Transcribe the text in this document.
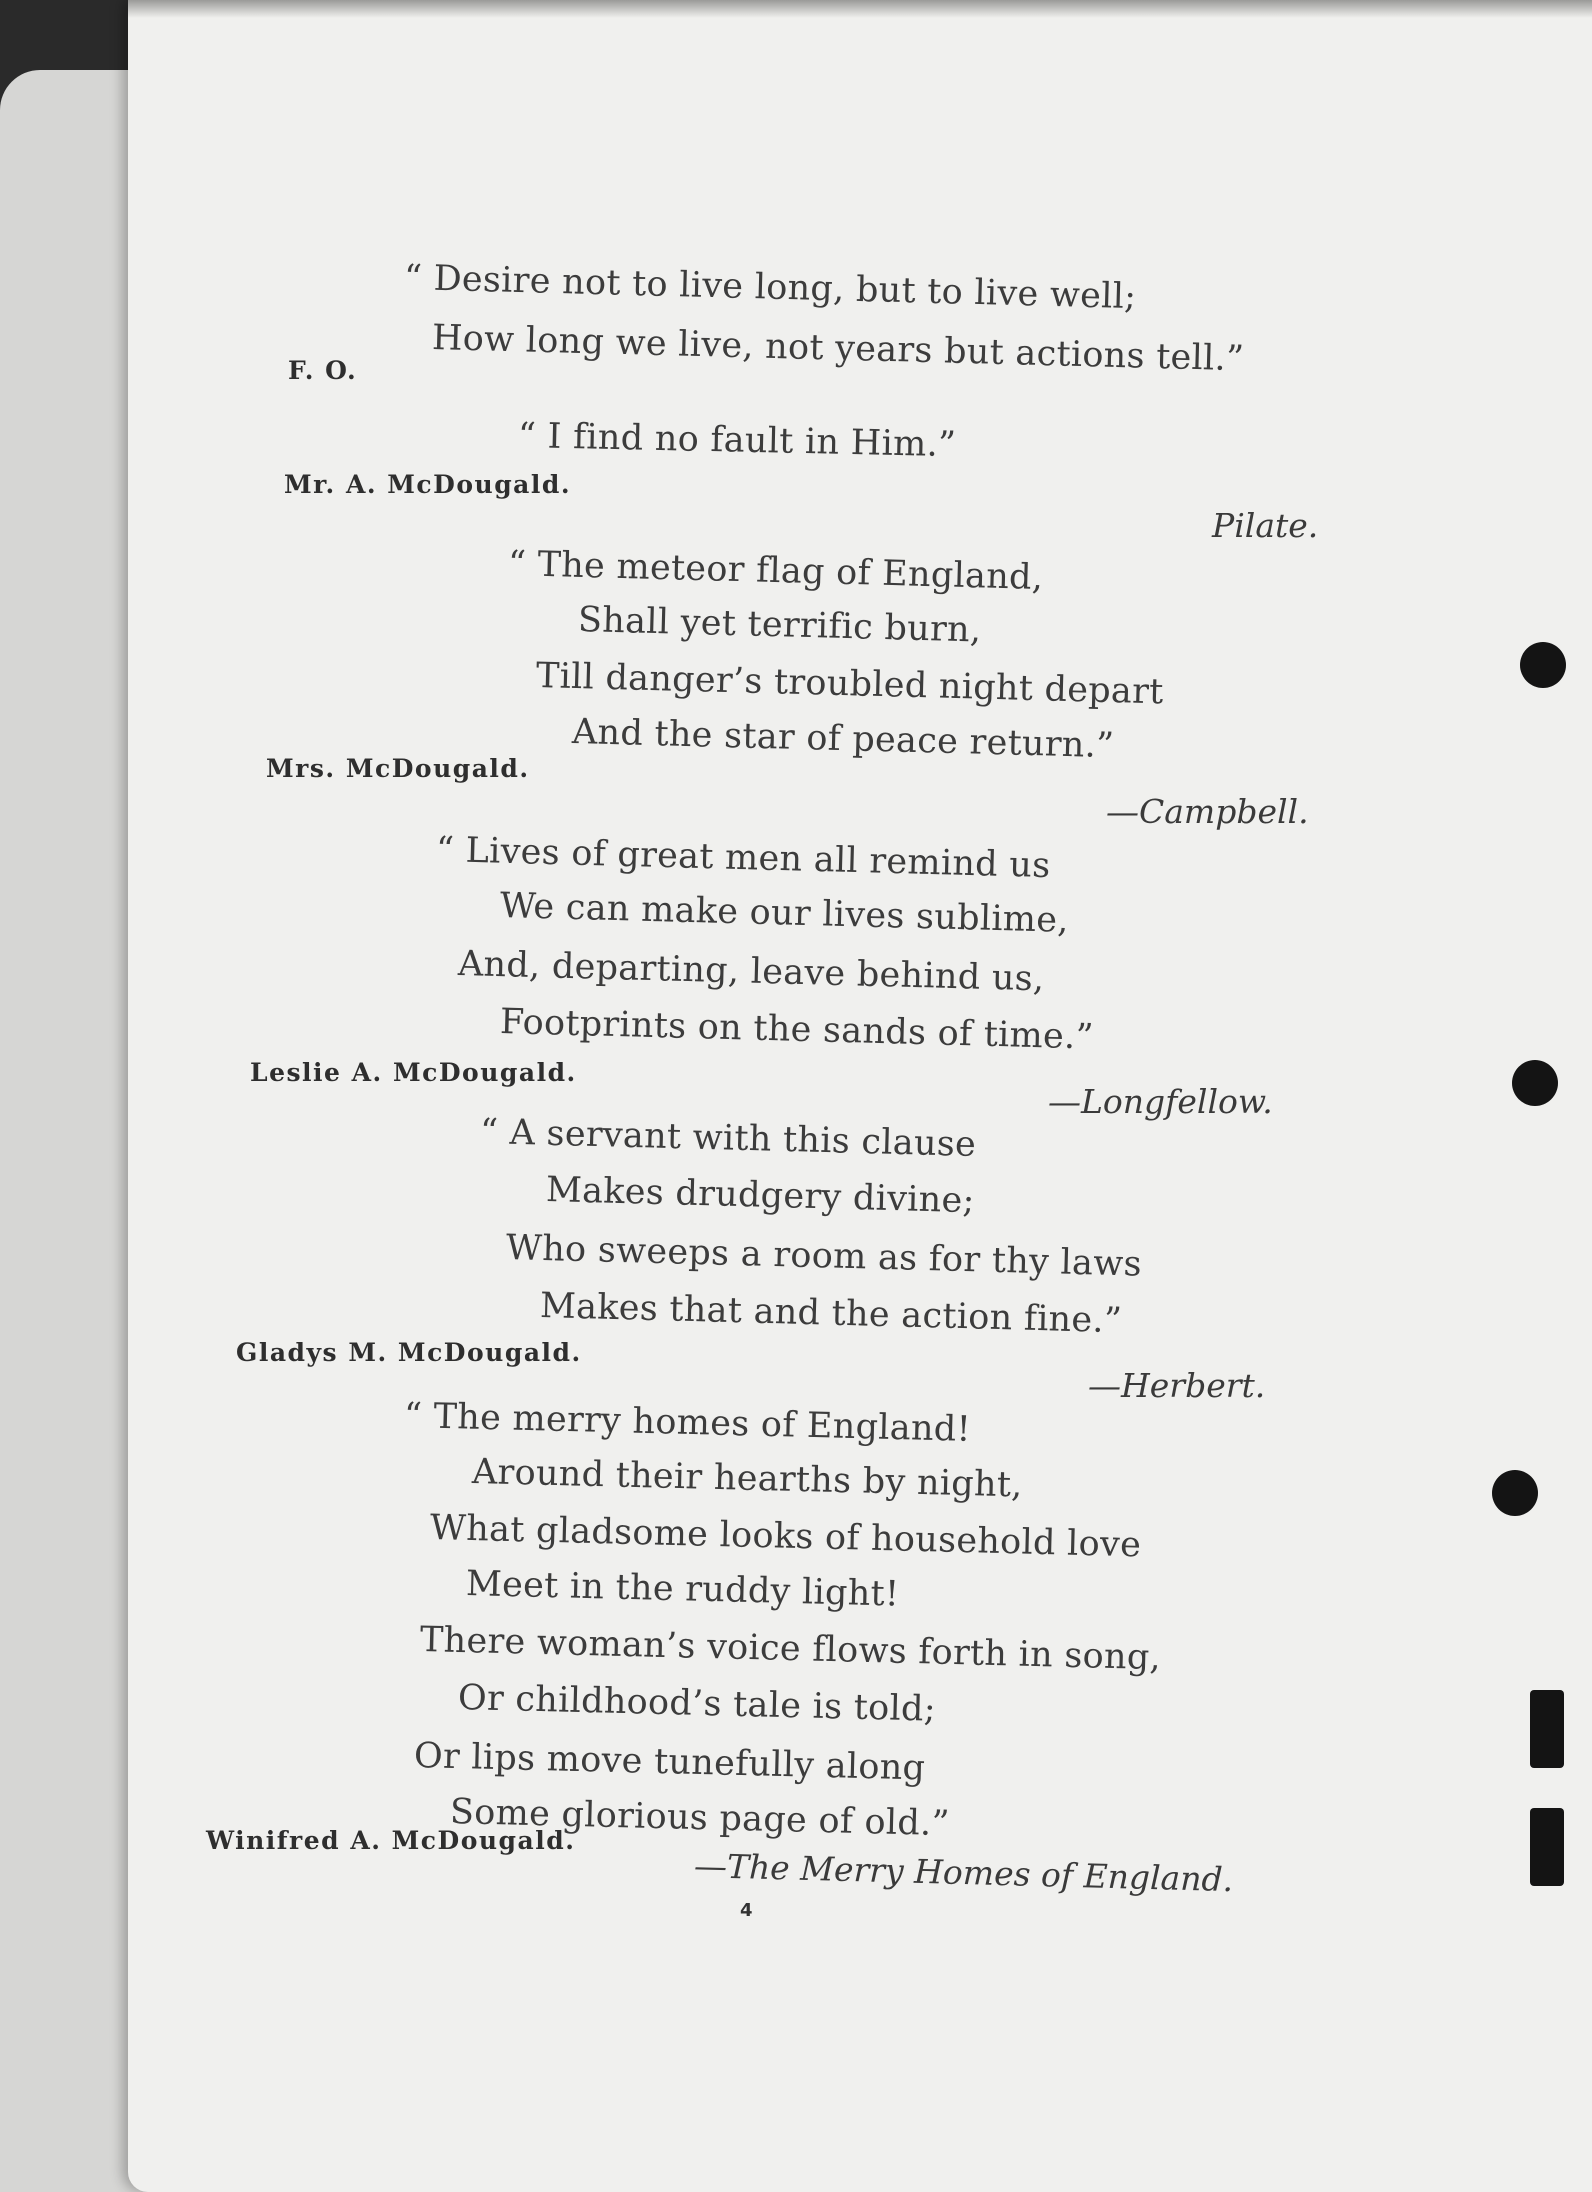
“ Desire not to live long, but to live well;
How long we live, not years but actions tell.”
F. O.
“ I find no fault in Him.”
Mr. A. McDougald.
Pilate.
“ The meteor flag of England,
Shall yet terrific burn,
Till danger’s troubled night depart
And the star of peace return.”
Mrs. McDougald.
—Campbell.
“ Lives of great men all remind us
We can make our lives sublime,
And, departing, leave behind us,
Footprints on the sands of time.”
Leslie A. McDougald.
—Longfellow.
“ A servant with this clause
Makes drudgery divine;
Who sweeps a room as for thy laws
Makes that and the action fine.”
Gladys M. McDougald.
—Herbert.
“ The merry homes of England!
Around their hearths by night,
What gladsome looks of household love
Meet in the ruddy light!
There woman’s voice flows forth in song,
Or childhood’s tale is told;
Or lips move tunefully along
Some glorious page of old.”
Winifred A. McDougald.
—The Merry Homes of England.
4
